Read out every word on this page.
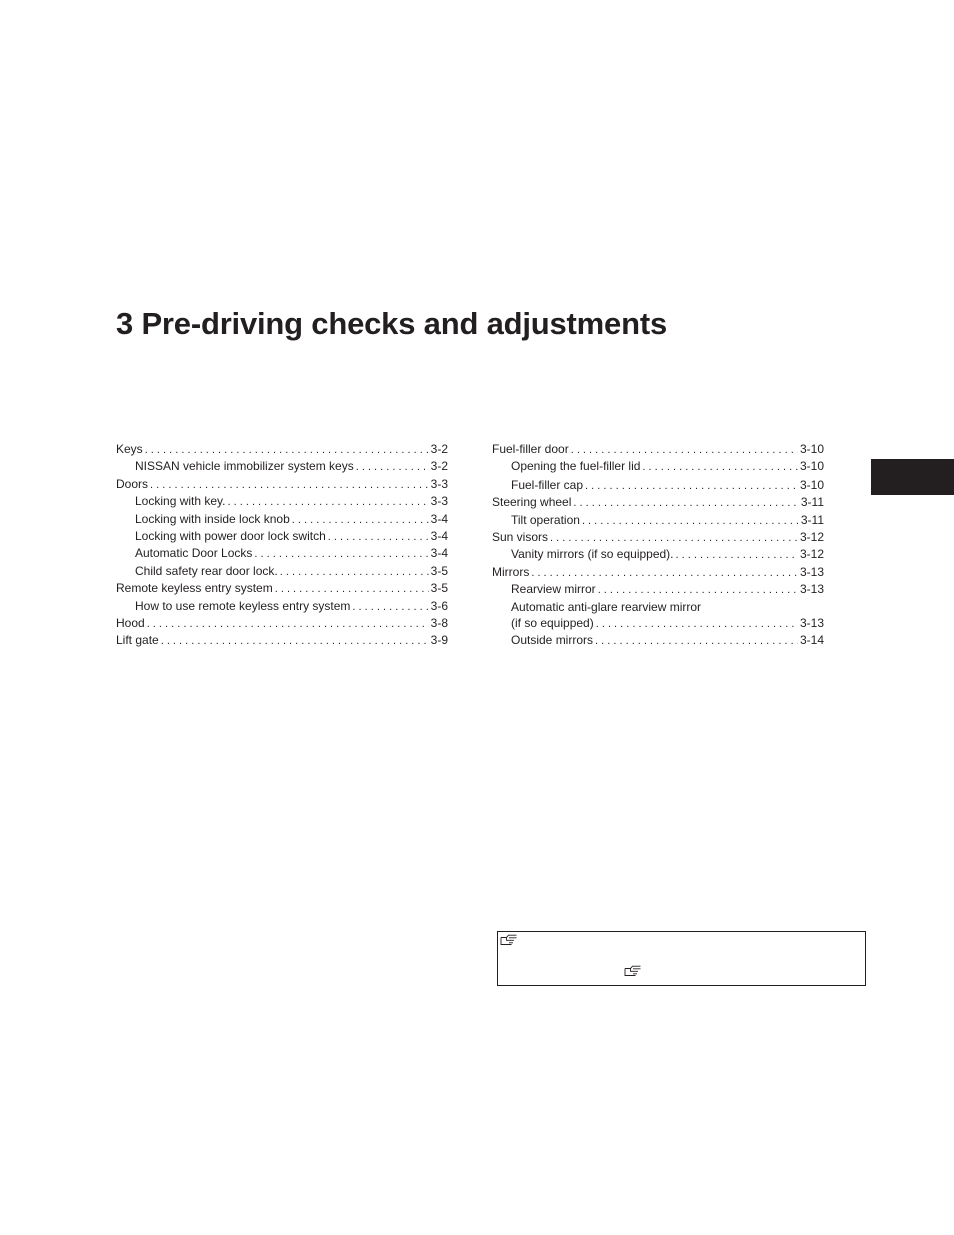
3 Pre-driving checks and adjustments
Keys . . .	3-2
NISSAN vehicle immobilizer system keys . . .	3-2
Doors . . .	3-3
Locking with key. . . .	3-3
Locking with inside lock knob . . .	3-4
Locking with power door lock switch . . .	3-4
Automatic Door Locks . . .	3-4
Child safety rear door lock. . . .	3-5
Remote keyless entry system . . .	3-5
How to use remote keyless entry system . . .	3-6
Hood . . .	3-8
Lift gate . . .	3-9
Fuel-filler door . . .	3-10
Opening the fuel-filler lid . . .	3-10
Fuel-filler cap . . .	3-10
Steering wheel . . .	3-11
Tilt operation . . .	3-11
Sun visors . . .	3-12
Vanity mirrors (if so equipped). . . .	3-12
Mirrors . . .	3-13
Rearview mirror . . .	3-13
Automatic anti-glare rearview mirror
(if so equipped) . . .	3-13
Outside mirrors . . .	3-14
